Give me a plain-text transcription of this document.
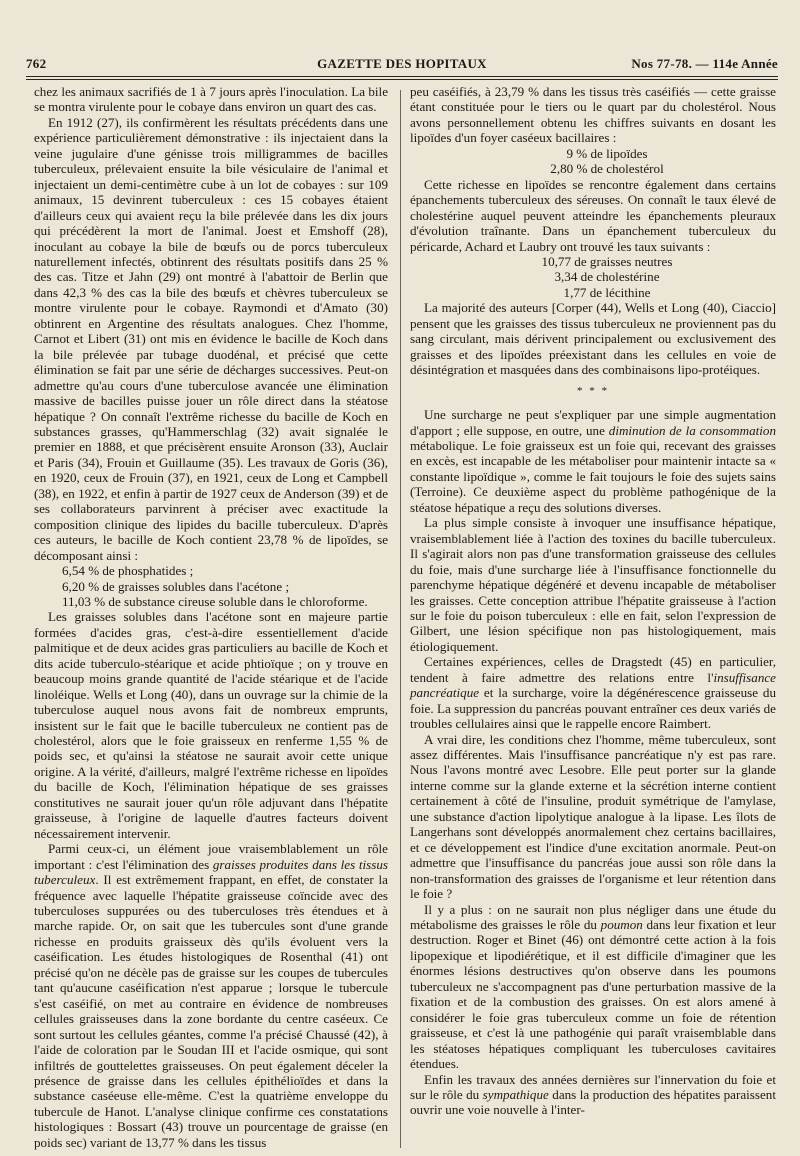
762	GAZETTE DES HOPITAUX	Nos 77-78. — 114e Année

chez les animaux sacrifiés de 1 à 7 jours après l'inoculation. La bile se montra virulente pour le cobaye dans environ un quart des cas.

En 1912 (27), ils confirmèrent les résultats précédents dans une expérience particulièrement démonstrative : ils injectaient dans la veine jugulaire d'une génisse trois milligrammes de bacilles tuberculeux, prélevaient ensuite la bile vésiculaire de l'animal et injectaient un demi-centimètre cube à un lot de cobayes : sur 109 animaux, 15 devinrent tuberculeux : ces 15 cobayes étaient d'ailleurs ceux qui avaient reçu la bile prélevée dans les dix jours qui précédèrent la mort de l'animal. Joest et Emshoff (28), inoculant au cobaye la bile de bœufs ou de porcs tuberculeux naturellement infectés, obtinrent des résultats positifs dans 25 % des cas. Titze et Jahn (29) ont montré à l'abattoir de Berlin que dans 42,3 % des cas la bile des bœufs et chèvres tuberculeux se montre virulente pour le cobaye. Raymondi et d'Amato (30) obtinrent en Argentine des résultats analogues. Chez l'homme, Carnot et Libert (31) ont mis en évidence le bacille de Koch dans la bile prélevée par tubage duodénal, et précisé que cette élimination se fait par une série de décharges successives. Peut-on admettre qu'au cours d'une tuberculose avancée une élimination massive de bacilles puisse jouer un rôle direct dans la stéatose hépatique ? On connaît l'extrême richesse du bacille de Koch en substances grasses, qu'Hammerschlag (32) avait signalée le premier en 1888, et que précisèrent ensuite Aronson (33), Auclair et Paris (34), Frouin et Guillaume (35). Les travaux de Goris (36), en 1920, ceux de Frouin (37), en 1921, ceux de Long et Campbell (38), en 1922, et enfin à partir de 1927 ceux de Anderson (39) et de ses collaborateurs parvinrent à préciser avec exactitude la composition clinique des lipides du bacille tuberculeux. D'après ces auteurs, le bacille de Koch contient 23,78 % de lipoïdes, se décomposant ainsi :

6,54 % de phosphatides ;
6,20 % de graisses solubles dans l'acétone ;
11,03 % de substance cireuse soluble dans le chloroforme.

Les graisses solubles dans l'acétone sont en majeure partie formées d'acides gras, c'est-à-dire essentiellement d'acide palmitique et de deux acides gras particuliers au bacille de Koch et dits acide tuberculo-stéarique et acide phtioïque ; on y trouve en beaucoup moins grande quantité de l'acide stéarique et de l'acide linoléique. Wells et Long (40), dans un ouvrage sur la chimie de la tuberculose auquel nous avons fait de nombreux emprunts, insistent sur le fait que le bacille tuberculeux ne contient pas de cholestérol, alors que le foie graisseux en renferme 1,55 % de poids sec, et qu'ainsi la stéatose ne saurait avoir cette unique origine. A la vérité, d'ailleurs, malgré l'extrême richesse en lipoïdes du bacille de Koch, l'élimination hépatique de ses graisses constitutives ne saurait jouer qu'un rôle adjuvant dans l'hépatite graisseuse, à l'origine de laquelle d'autres facteurs doivent nécessairement intervenir.

Parmi ceux-ci, un élément joue vraisemblablement un rôle important : c'est l'élimination des graisses produites dans les tissus tuberculeux. Il est extrêmement frappant, en effet, de constater la fréquence avec laquelle l'hépatite graisseuse coïncide avec des tuberculoses suppurées ou des tuberculoses très étendues et à marche rapide. Or, on sait que les tubercules sont d'une grande richesse en produits graisseux dès qu'ils évoluent vers la caséification. Les études histologiques de Rosenthal (41) ont précisé qu'on ne décèle pas de graisse sur les coupes de tubercules tant qu'aucune caséification n'est apparue ; lorsque le tubercule s'est caséifié, on met au contraire en évidence de nombreuses cellules graisseuses dans la zone bordante du centre caséeux. Ce sont surtout les cellules géantes, comme l'a précisé Chaussé (42), à l'aide de coloration par le Soudan III et l'acide osmique, qui sont infiltrés de gouttelettes graisseuses. On peut également déceler la présence de graisse dans les cellules épithélioïdes et dans la substance caséeuse elle-même. C'est la quatrième enveloppe du tubercule de Hanot. L'analyse clinique confirme ces constatations histologiques : Bossart (43) trouve un pourcentage de graisse (en poids sec) variant de 13,77 % dans les tissus

peu caséifiés, à 23,79 % dans les tissus très caséifiés — cette graisse étant constituée pour le tiers ou le quart par du cholestérol. Nous avons personnellement obtenu les chiffres suivants en dosant les lipoïdes d'un foyer caséeux bacillaires :

9 % de lipoïdes
2,80 % de cholestérol

Cette richesse en lipoïdes se rencontre également dans certains épanchements tuberculeux des séreuses. On connaît le taux élevé de cholestérine auquel peuvent atteindre les épanchements pleuraux d'évolution traînante. Dans un épanchement tuberculeux du péricarde, Achard et Laubry ont trouvé les taux suivants :

10,77 de graisses neutres
3,34 de cholestérine
1,77 de lécithine

La majorité des auteurs [Corper (44), Wells et Long (40), Ciaccio] pensent que les graisses des tissus tuberculeux ne proviennent pas du sang circulant, mais dérivent principalement ou exclusivement des graisses et des lipoïdes préexistant dans les cellules en voie de désintégration et masquées dans des combinaisons lipo-protéiques.

* * *

Une surcharge ne peut s'expliquer par une simple augmentation d'apport ; elle suppose, en outre, une diminution de la consommation métabolique. Le foie graisseux est un foie qui, recevant des graisses en excès, est incapable de les métaboliser pour maintenir intacte sa « constante lipoïdique », comme le fait toujours le foie des sujets sains (Terroine). Ce deuxième aspect du problème pathogénique de la stéatose hépatique a reçu des solutions diverses.

La plus simple consiste à invoquer une insuffisance hépatique, vraisemblablement liée à l'action des toxines du bacille tuberculeux. Il s'agirait alors non pas d'une transformation graisseuse des cellules du foie, mais d'une surcharge liée à l'insuffisance fonctionnelle du parenchyme hépatique dégénéré et devenu incapable de métaboliser les graisses. Cette conception attribue l'hépatite graisseuse à l'action sur le foie du poison tuberculeux : elle en fait, selon l'expression de Gilbert, une lésion spécifique non pas histologiquement, mais étiologiquement.

Certaines expériences, celles de Dragstedt (45) en particulier, tendent à faire admettre des relations entre l'insuffisance pancréatique et la surcharge, voire la dégénérescence graisseuse du foie. La suppression du pancréas pouvant entraîner ces deux variés de troubles cellulaires ainsi que le rappelle encore Raimbert.

A vrai dire, les conditions chez l'homme, même tuberculeux, sont assez différentes. Mais l'insuffisance pancréatique n'y est pas rare. Nous l'avons montré avec Lesobre. Elle peut porter sur la glande interne comme sur la glande externe et la sécrétion interne contient certainement à côté de l'insuline, produit symétrique de l'amylase, une substance d'action lipolytique analogue à la lipase. Les îlots de Langerhans sont développés anormalement chez certains bacillaires, et ce développement est l'indice d'une excitation anormale. Peut-on admettre que l'insuffisance du pancréas joue aussi son rôle dans la non-transformation des graisses de l'organisme et leur rétention dans le foie ?

Il y a plus : on ne saurait non plus négliger dans une étude du métabolisme des graisses le rôle du poumon dans leur fixation et leur destruction. Roger et Binet (46) ont démontré cette action à la fois lipopexique et lipodiérétique, et il est difficile d'imaginer que les énormes lésions destructives qu'on observe dans les poumons tuberculeux ne s'accompagnent pas d'une perturbation massive de la fixation et de la combustion des graisses. On est alors amené à considérer le foie gras tuberculeux comme un foie de rétention graisseuse, et c'est là une pathogénie qui paraît vraisemblable dans les stéatoses hépatiques compliquant les tuberculoses cavitaires étendues.

Enfin les travaux des années dernières sur l'innervation du foie et sur le rôle du sympathique dans la production des hépatites paraissent ouvrir une voie nouvelle à l'inter-
